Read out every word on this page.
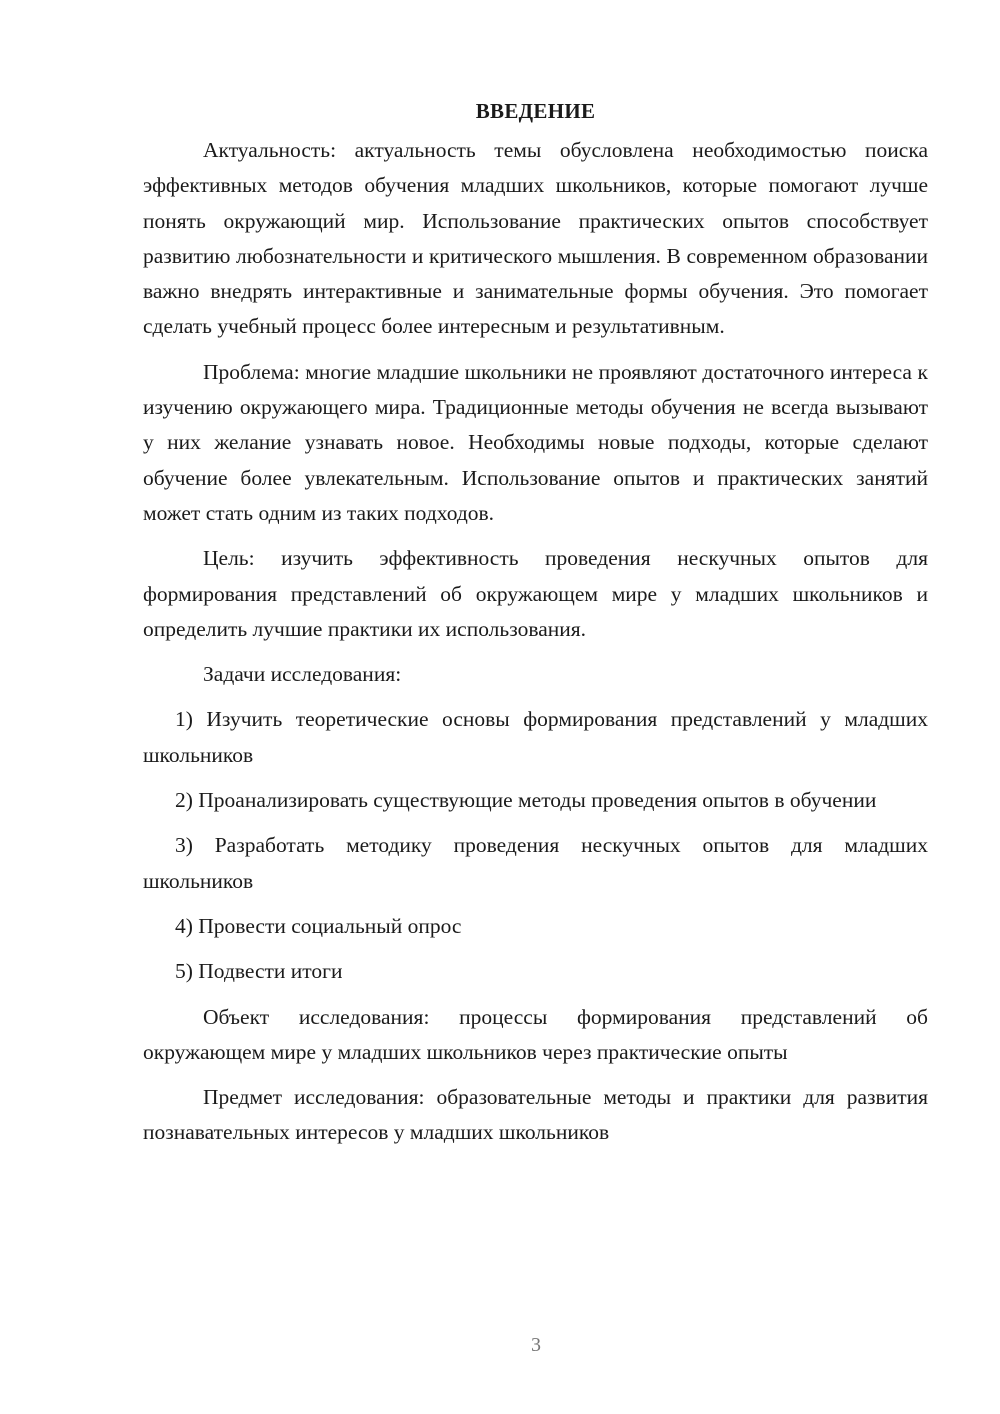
ВВЕДЕНИЕ

Актуальность: актуальность темы обусловлена необходимостью поиска эффективных методов обучения младших школьников, которые помогают лучше понять окружающий мир. Использование практических опытов способствует развитию любознательности и критического мышления. В современном образовании важно внедрять интерактивные и занимательные формы обучения. Это помогает сделать учебный процесс более интересным и результативным.

Проблема: многие младшие школьники не проявляют достаточного интереса к изучению окружающего мира. Традиционные методы обучения не всегда вызывают у них желание узнавать новое. Необходимы новые подходы, которые сделают обучение более увлекательным. Использование опытов и практических занятий может стать одним из таких подходов.

Цель: изучить эффективность проведения нескучных опытов для формирования представлений об окружающем мире у младших школьников и определить лучшие практики их использования.

Задачи исследования:

1) Изучить теоретические основы формирования представлений у младших школьников

2) Проанализировать существующие методы проведения опытов в обучении

3) Разработать методику проведения нескучных опытов для младших школьников

4) Провести социальный опрос

5) Подвести итоги

Объект исследования: процессы формирования представлений об окружающем мире у младших школьников через практические опыты

Предмет исследования: образовательные методы и практики для развития познавательных интересов у младших школьников

3
